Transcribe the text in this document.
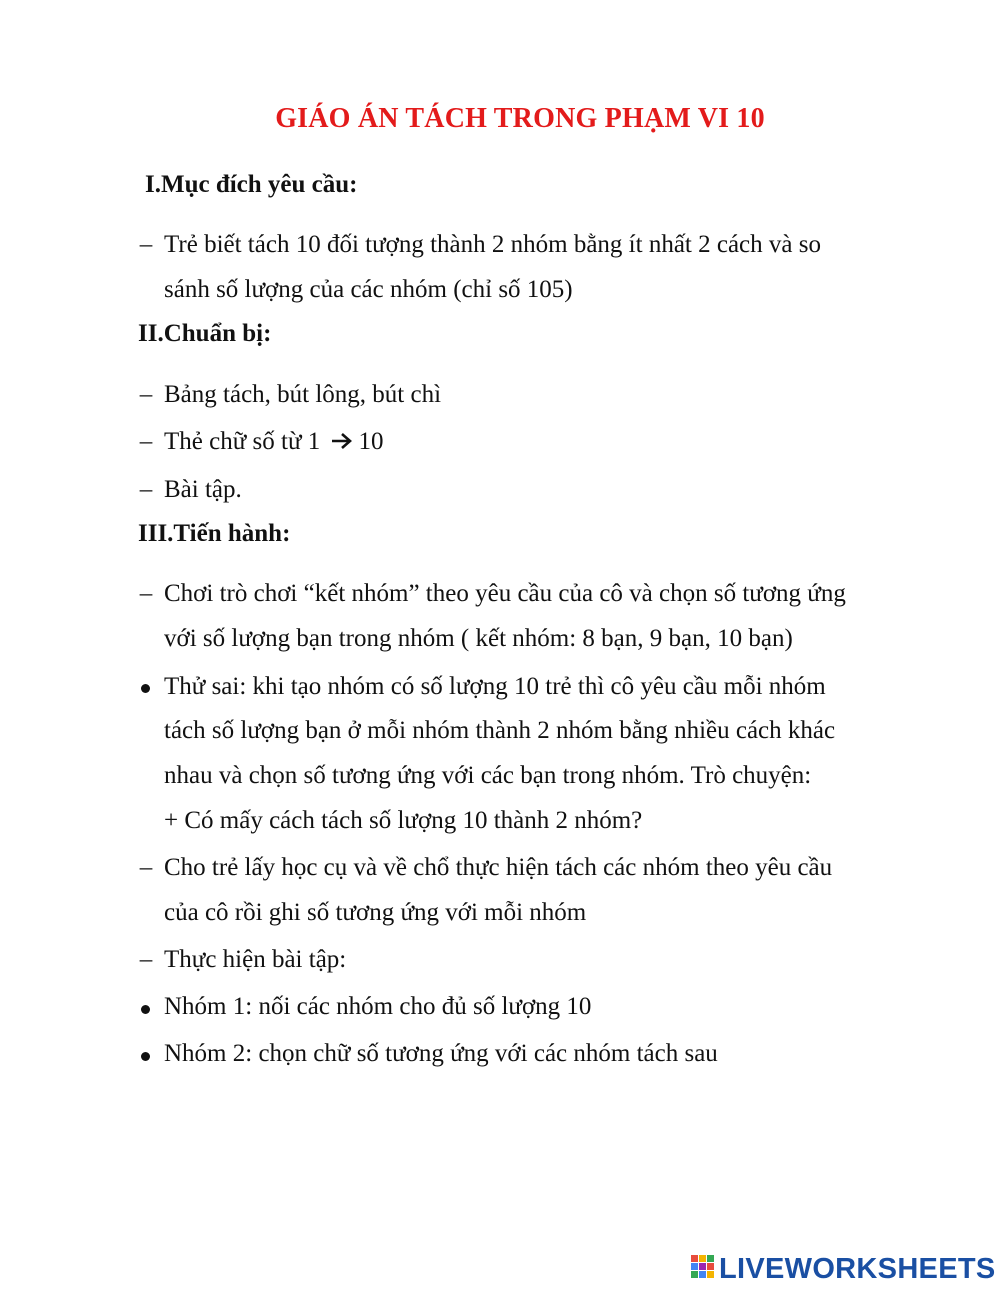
GIÁO ÁN TÁCH TRONG PHẠM VI 10
I.Mục đích yêu cầu:
– Trẻ biết tách 10 đối tượng thành 2 nhóm bằng ít nhất 2 cách và so
sánh số lượng của các nhóm (chỉ số 105)
II.Chuẩn bị:
– Bảng tách, bút lông, bút chì
– Thẻ chữ số từ 1 10
– Bài tập.
III.Tiến hành:
– Chơi trò chơi “kết nhóm” theo yêu cầu của cô và chọn số tương ứng
với số lượng bạn trong nhóm ( kết nhóm: 8 bạn, 9 bạn, 10 bạn)
Thử sai: khi tạo nhóm có số lượng 10 trẻ thì cô yêu cầu mỗi nhóm
tách số lượng bạn ở mỗi nhóm thành 2 nhóm bằng nhiều cách khác
nhau và chọn số tương ứng với các bạn trong nhóm. Trò chuyện:
+ Có mấy cách tách số lượng 10 thành 2 nhóm?
– Cho trẻ lấy học cụ và về chổ thực hiện tách các nhóm theo yêu cầu
của cô rồi ghi số tương ứng với mỗi nhóm
– Thực hiện bài tập:
Nhóm 1: nối các nhóm cho đủ số lượng 10
Nhóm 2: chọn chữ số tương ứng với các nhóm tách sau
LIVEWORKSHEETS
